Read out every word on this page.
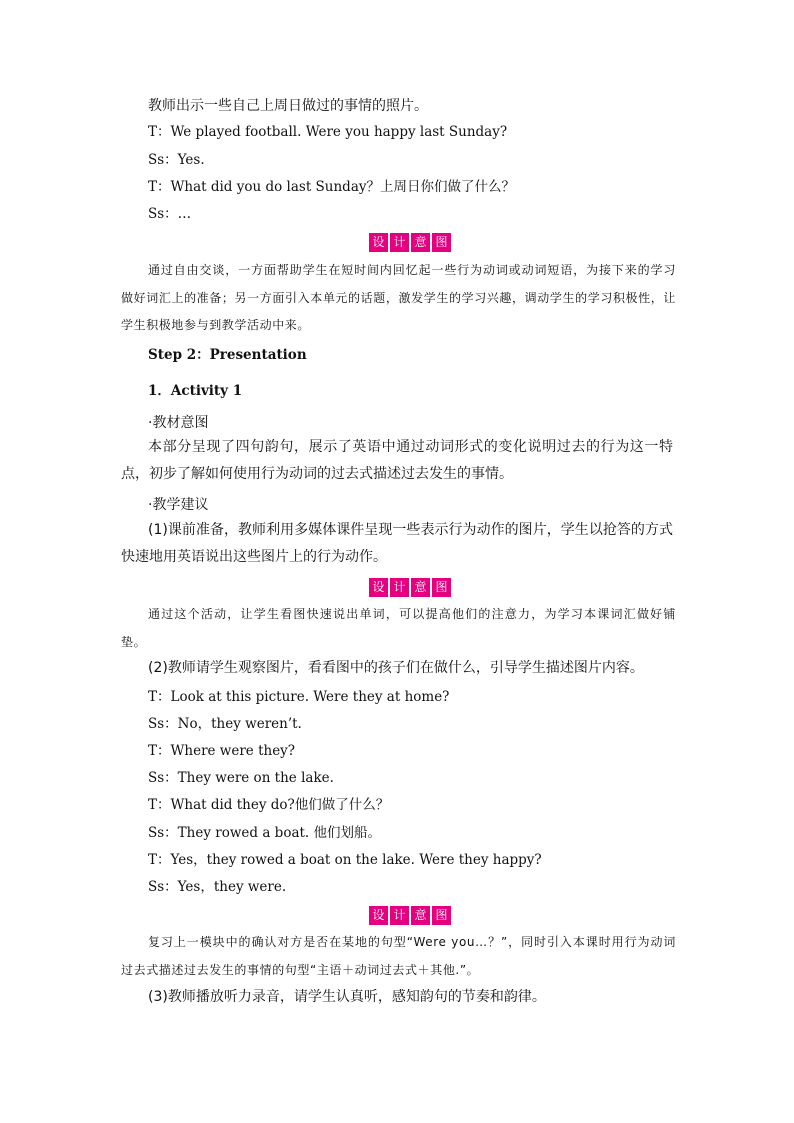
教师出示一些自己上周日做过的事情的照片。
T：We played football. Were you happy last Sunday?
Ss：Yes.
T：What did you do last Sunday？上周日你们做了什么？
Ss：…
设 计 意 图
通过自由交谈，一方面帮助学生在短时间内回忆起一些行为动词或动词短语，为接下来的学习做好词汇上的准备；另一方面引入本单元的话题，激发学生的学习兴趣，调动学生的学习积极性，让学生积极地参与到教学活动中来。
Step 2：Presentation
1．Activity 1
·教材意图
本部分呈现了四句韵句，展示了英语中通过动词形式的变化说明过去的行为这一特点，初步了解如何使用行为动词的过去式描述过去发生的事情。
·教学建议
(1)课前准备，教师利用多媒体课件呈现一些表示行为动作的图片，学生以抢答的方式快速地用英语说出这些图片上的行为动作。
设 计 意 图
通过这个活动，让学生看图快速说出单词，可以提高他们的注意力，为学习本课词汇做好铺垫。
(2)教师请学生观察图片，看看图中的孩子们在做什么，引导学生描述图片内容。
T：Look at this picture. Were they at home?
Ss：No，they weren’t.
T：Where were they?
Ss：They were on the lake.
T：What did they do?他们做了什么？
Ss：They rowed a boat. 他们划船。
T：Yes，they rowed a boat on the lake. Were they happy?
Ss：Yes，they were.
设 计 意 图
复习上一模块中的确认对方是否在某地的句型“Were you…？”，同时引入本课时用行为动词过去式描述过去发生的事情的句型“主语＋动词过去式＋其他.”。
(3)教师播放听力录音，请学生认真听，感知韵句的节奏和韵律。
